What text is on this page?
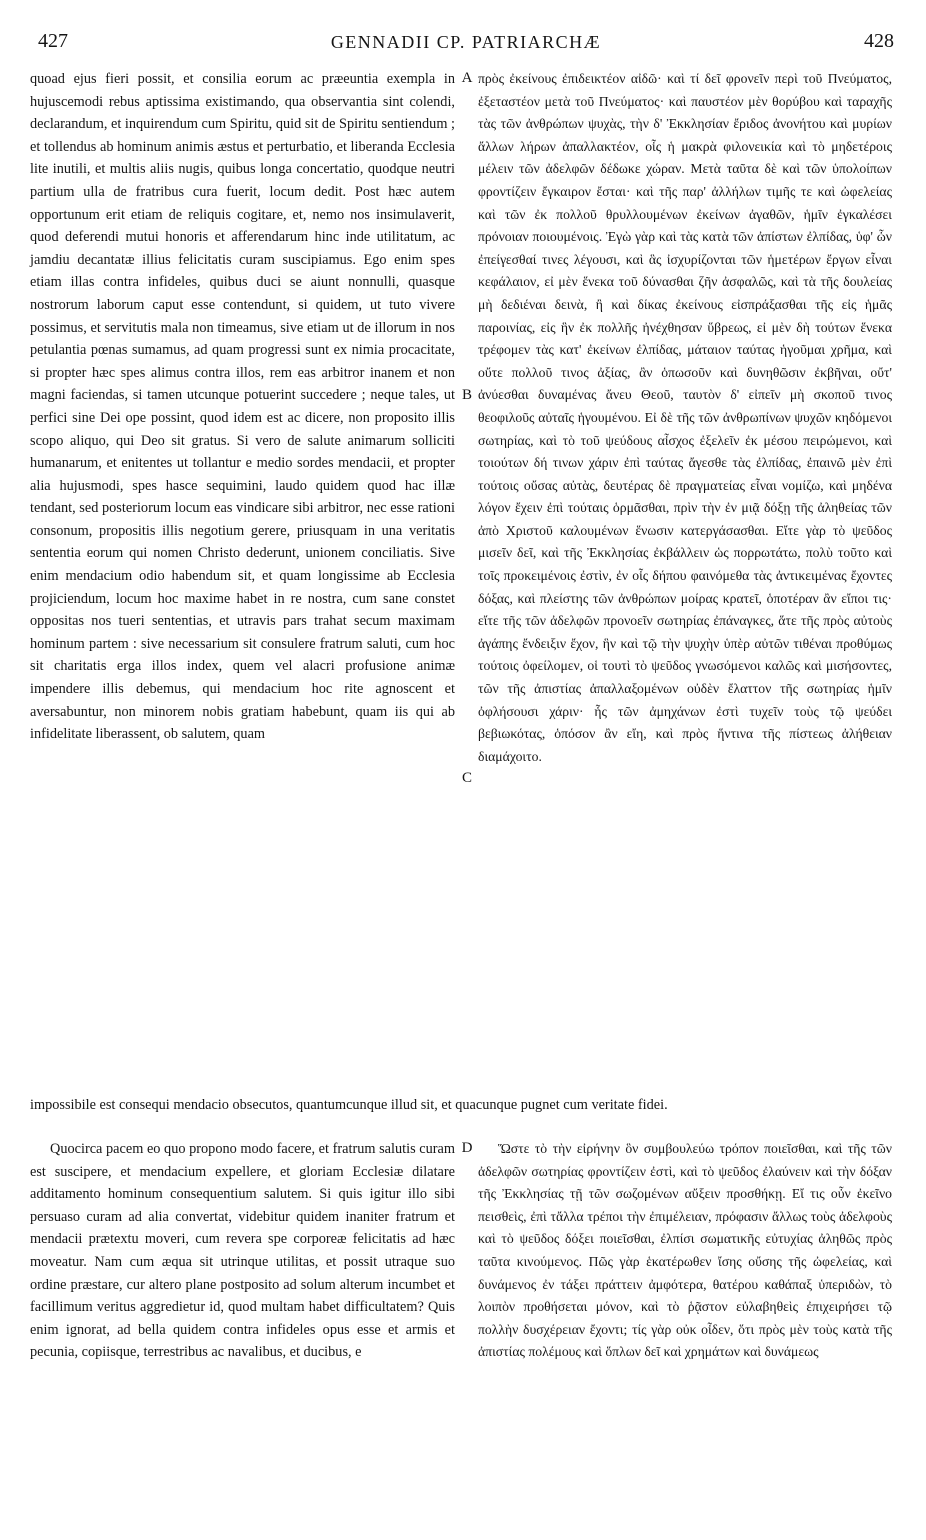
427	GENNADII CP. PATRIARCHÆ	428

quoad ejus fieri possit, et consilia eorum ac præeuntia exempla in hujuscemodi rebus aptissima existimando, qua observantia sint colendi, declarandum, et inquirendum cum Spiritu, quid sit de Spiritu sentiendum ; et tollendus ab hominum animis æstus et perturbatio, et liberanda Ecclesia lite inutili, et multis aliis nugis, quibus longa concertatio, quodque neutri partium ulla de fratribus cura fuerit, locum dedit. Post hæc autem opportunum erit etiam de reliquis cogitare, et, nemo nos insimulaverit, quod deferendi mutui honoris et afferendarum hinc inde utilitatum, ac jamdiu decantatæ illius felicitatis curam suscipiamus. Ego enim spes etiam illas contra infideles, quibus duci se aiunt nonnulli, quasque nostrorum laborum caput esse contendunt, si quidem, ut tuto vivere possimus, et servitutis mala non timeamus, sive etiam ut de illorum in nos petulantia pœnas sumamus, ad quam progressi sunt ex nimia procacitate, si propter hæc spes alimus contra illos, rem eas arbitror inanem et non magni faciendas, si tamen utcunque potuerint succedere ; neque tales, ut perfici sine Dei ope possint, quod idem est ac dicere, non proposito illis scopo aliquo, qui Deo sit gratus. Si vero de salute animarum solliciti humanarum, et enitentes ut tollantur e medio sordes mendacii, et propter alia hujusmodi, spes hasce sequimini, laudo quidem quod hac illæ tendant, sed posteriorum locum eas vindicare sibi arbitror, nec esse rationi consonum, propositis illis negotium gerere, priusquam in una veritatis sententia eorum qui nomen Christo dederunt, unionem conciliatis. Sive enim mendacium odio habendum sit, et quam longissime ab Ecclesia projiciendum, locum hoc maxime habet in re nostra, cum sane constet oppositas nos tueri sententias, et utravis pars trahat secum maximam hominum partem : sive necessarium sit consulere fratrum saluti, cum hoc sit charitatis erga illos index, quem vel alacri profusione animæ impendere illis debemus, qui mendacium hoc rite agnoscent et aversabuntur, non minorem nobis gratiam habebunt, quam iis qui ab infidelitate liberassent, ob salutem, quam

πρὸς ἐκείνους ἐπιδεικτέον αἰδῶ· καὶ τί δεῖ φρονεῖν περὶ τοῦ Πνεύματος, ἐξεταστέον μετὰ τοῦ Πνεύματος· καὶ παυστέον μὲν θορύβου καὶ ταραχῆς τὰς τῶν ἀνθρώπων ψυχὰς, τὴν δ' Ἐκκλησίαν ἔριδος ἀνονήτου καὶ μυρίων ἄλλων λήρων ἀπαλλακτέον, οἷς ἡ μακρὰ φιλονεικία καὶ τὸ μηδετέροις μέλειν τῶν ἀδελφῶν δέδωκε χώραν. Μετὰ ταῦτα δὲ καὶ τῶν ὑπολοίπων φροντίζειν ἔγκαιρον ἔσται· καὶ τῆς παρ' ἀλλήλων τιμῆς τε καὶ ὠφελείας καὶ τῶν ἐκ πολλοῦ θρυλλουμένων ἐκείνων ἀγαθῶν, ἡμῖν ἐγκαλέσει πρόνοιαν ποιουμένοις. Ἐγὼ γὰρ καὶ τὰς κατὰ τῶν ἀπίστων ἐλπίδας, ὑφ' ὧν ἐπείγεσθαί τινες λέγουσι, καὶ ἃς ἰσχυρίζονται τῶν ἡμετέρων ἔργων εἶναι κεφάλαιον, εἰ μὲν ἕνεκα τοῦ δύνασθαι ζῆν ἀσφαλῶς, καὶ τὰ τῆς δουλείας μὴ δεδιέναι δεινὰ, ἢ καὶ δίκας ἐκείνους εἰσπράξασθαι τῆς εἰς ἡμᾶς παροινίας, εἰς ἣν ἐκ πολλῆς ἠνέχθησαν ὕβρεως, εἰ μὲν δὴ τούτων ἕνεκα τρέφομεν τὰς κατ' ἐκείνων ἐλπίδας, μάταιον ταύτας ἡγοῦμαι χρῆμα, καὶ οὔτε πολλοῦ τινος ἀξίας, ἂν ὁπωσοῦν καὶ δυνηθῶσιν ἐκβῆναι, οὔτ' ἀνύεσθαι δυναμένας ἄνευ Θεοῦ, ταυτὸν δ' εἰπεῖν μὴ σκοποῦ τινος θεοφιλοῦς αὐταῖς ἡγουμένου. Εἰ δὲ τῆς τῶν ἀνθρωπίνων ψυχῶν κηδόμενοι σωτηρίας, καὶ τὸ τοῦ ψεύδους αἶσχος ἐξελεῖν ἐκ μέσου πειρώμενοι, καὶ τοιούτων δή τινων χάριν ἐπὶ ταύτας ἄγεσθε τὰς ἐλπίδας, ἐπαινῶ μὲν ἐπὶ τούτοις οὔσας αὐτὰς, δευτέρας δὲ πραγματείας εἶναι νομίζω, καὶ μηδένα λόγον ἔχειν ἐπὶ τούταις ὁρμᾶσθαι, πρὶν τὴν ἐν μιᾷ δόξῃ τῆς ἀληθείας τῶν ἀπὸ Χριστοῦ καλουμένων ἕνωσιν κατεργάσασθαι. Εἴτε γὰρ τὸ ψεῦδος μισεῖν δεῖ, καὶ τῆς Ἐκκλησίας ἐκβάλλειν ὡς πορρωτάτω, πολὺ τοῦτο καὶ τοῖς προκειμένοις ἐστὶν, ἐν οἷς δήπου φαινόμεθα τὰς ἀντικειμένας ἔχοντες δόξας, καὶ πλείστης τῶν ἀνθρώπων μοίρας κρατεῖ, ὁποτέραν ἂν εἴποι τις· εἴτε τῆς τῶν ἀδελφῶν προνοεῖν σωτηρίας ἐπάναγκες, ἅτε τῆς πρὸς αὐτοὺς ἀγάπης ἔνδειξιν ἔχον, ἣν καὶ τῷ τὴν ψυχὴν ὑπὲρ αὐτῶν τιθέναι προθύμως τούτοις ὀφείλομεν, οἱ τουτὶ τὸ ψεῦδος γνωσόμενοι καλῶς καὶ μισήσοντες, τῶν τῆς ἀπιστίας ἀπαλλαξομένων οὐδὲν ἔλαττον τῆς σωτηρίας ἡμῖν ὀφλήσουσι χάριν· ἧς τῶν ἀμηχάνων ἐστὶ τυχεῖν τοὺς τῷ ψεύδει βεβιωκότας, ὁπόσον ἂν εἴη, καὶ πρὸς ἥντινα τῆς πίστεως ἀλήθειαν διαμάχοιτο.

A
B
C
D
impossibile est consequi mendacio obsecutos, quantumcunque illud sit, et quacunque pugnet cum veritate fidei.

Quocirca pacem eo quo propono modo facere, et fratrum salutis curam est suscipere, et mendacium expellere, et gloriam Ecclesiæ dilatare additamento hominum consequentium salutem. Si quis igitur illo sibi persuaso curam ad alia convertat, videbitur quidem inaniter fratrum et mendacii prætextu moveri, cum revera spe corporeæ felicitatis ad hæc moveatur. Nam cum æqua sit utrinque utilitas, et possit utraque suo ordine præstare, cur altero plane postposito ad solum alterum incumbet et facillimum veritus aggredietur id, quod multam habet difficultatem? Quis enim ignorat, ad bella quidem contra infideles opus esse et armis et pecunia, copiisque, terrestribus ac navalibus, et ducibus, e

Ὥστε τὸ τὴν εἰρήνην ὃν συμβουλεύω τρόπον ποιεῖσθαι, καὶ τῆς τῶν ἀδελφῶν σωτηρίας φροντίζειν ἐστὶ, καὶ τὸ ψεῦδος ἐλαύνειν καὶ τὴν δόξαν τῆς Ἐκκλησίας τῇ τῶν σωζομένων αὔξειν προσθήκῃ. Εἴ τις οὖν ἐκεῖνο πεισθεὶς, ἐπὶ τἄλλα τρέποι τὴν ἐπιμέλειαν, πρόφασιν ἄλλως τοὺς ἀδελφοὺς καὶ τὸ ψεῦδος δόξει ποιεῖσθαι, ἐλπίσι σωματικῆς εὐτυχίας ἀληθῶς πρὸς ταῦτα κινούμενος. Πῶς γὰρ ἑκατέρωθεν ἴσης οὔσης τῆς ὠφελείας, καὶ δυνάμενος ἐν τάξει πράττειν ἀμφότερα, θατέρου καθάπαξ ὑπεριδὼν, τὸ λοιπὸν προθήσεται μόνον, καὶ τὸ ῥᾷστον εὐλαβηθεὶς ἐπιχειρήσει τῷ πολλὴν δυσχέρειαν ἔχοντι; τίς γὰρ οὐκ οἶδεν, ὅτι πρὸς μὲν τοὺς κατὰ τῆς ἀπιστίας πολέμους καὶ ὅπλων δεῖ καὶ χρημάτων καὶ δυνάμεως
